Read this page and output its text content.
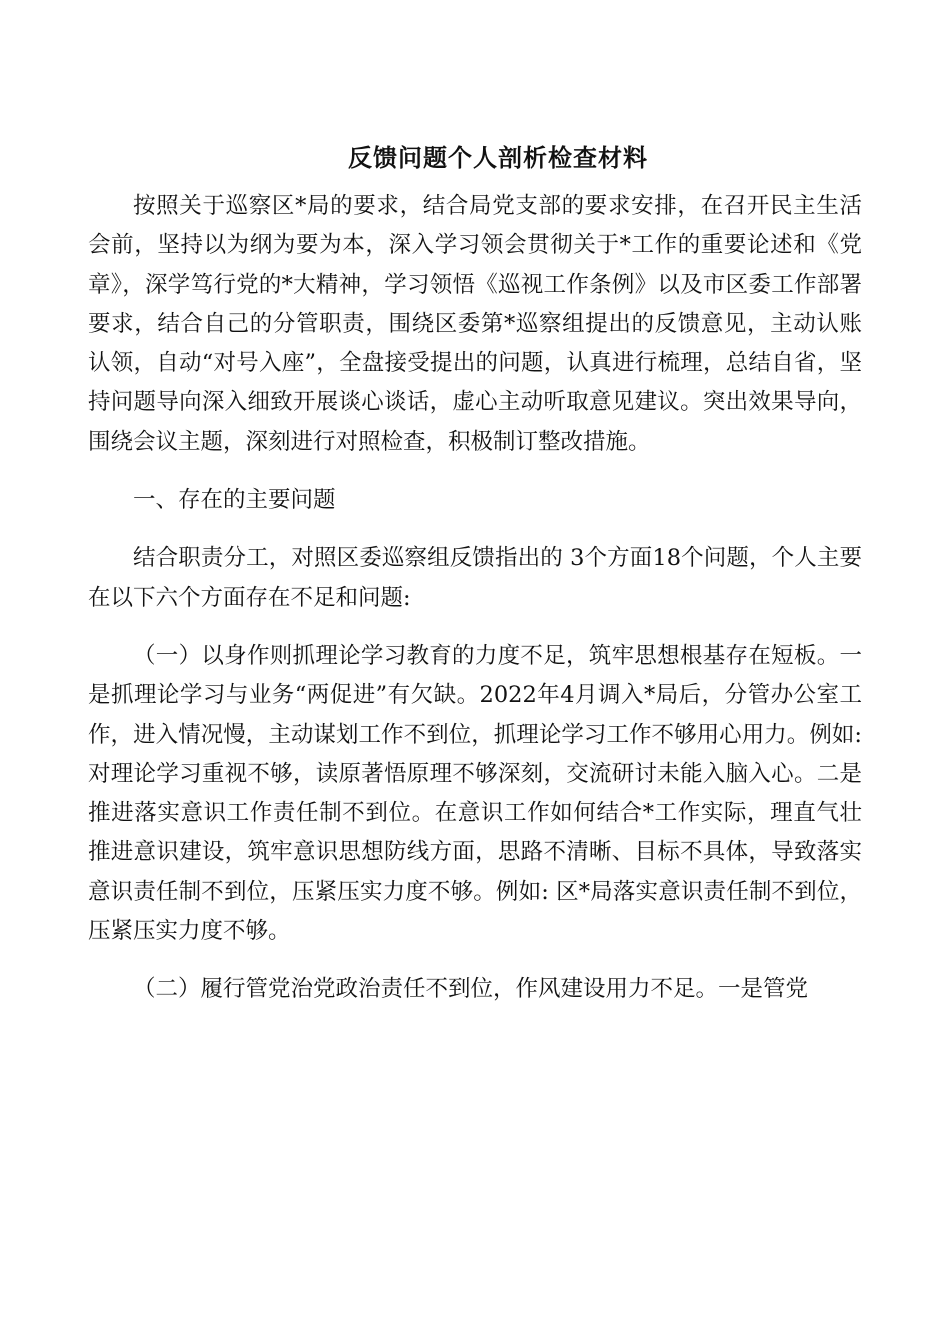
反馈问题个人剖析检查材料

按照关于巡察区*局的要求，结合局党支部的要求安排，在召开民主生活会前，坚持以为纲为要为本，深入学习领会贯彻关于*工作的重要论述和《党章》，深学笃行党的*大精神，学习领悟《巡视工作条例》以及市区委工作部署要求，结合自己的分管职责，围绕区委第*巡察组提出的反馈意见，主动认账认领，自动“对号入座”，全盘接受提出的问题，认真进行梳理，总结自省，坚持问题导向深入细致开展谈心谈话，虚心主动听取意见建议。突出效果导向，围绕会议主题，深刻进行对照检查，积极制订整改措施。

一、存在的主要问题

结合职责分工，对照区委巡察组反馈指出的 3个方面18个问题，个人主要在以下六个方面存在不足和问题:

（一）以身作则抓理论学习教育的力度不足，筑牢思想根基存在短板。一是抓理论学习与业务“两促进”有欠缺。2022年4月调入*局后，分管办公室工作，进入情况慢，主动谋划工作不到位，抓理论学习工作不够用心用力。例如: 对理论学习重视不够，读原著悟原理不够深刻，交流研讨未能入脑入心。二是推进落实意识工作责任制不到位。在意识工作如何结合*工作实际，理直气壮推进意识建设，筑牢意识思想防线方面，思路不清晰、目标不具体，导致落实意识责任制不到位，压紧压实力度不够。例如: 区*局落实意识责任制不到位，压紧压实力度不够。

（二）履行管党治党政治责任不到位，作风建设用力不足。一是管党
